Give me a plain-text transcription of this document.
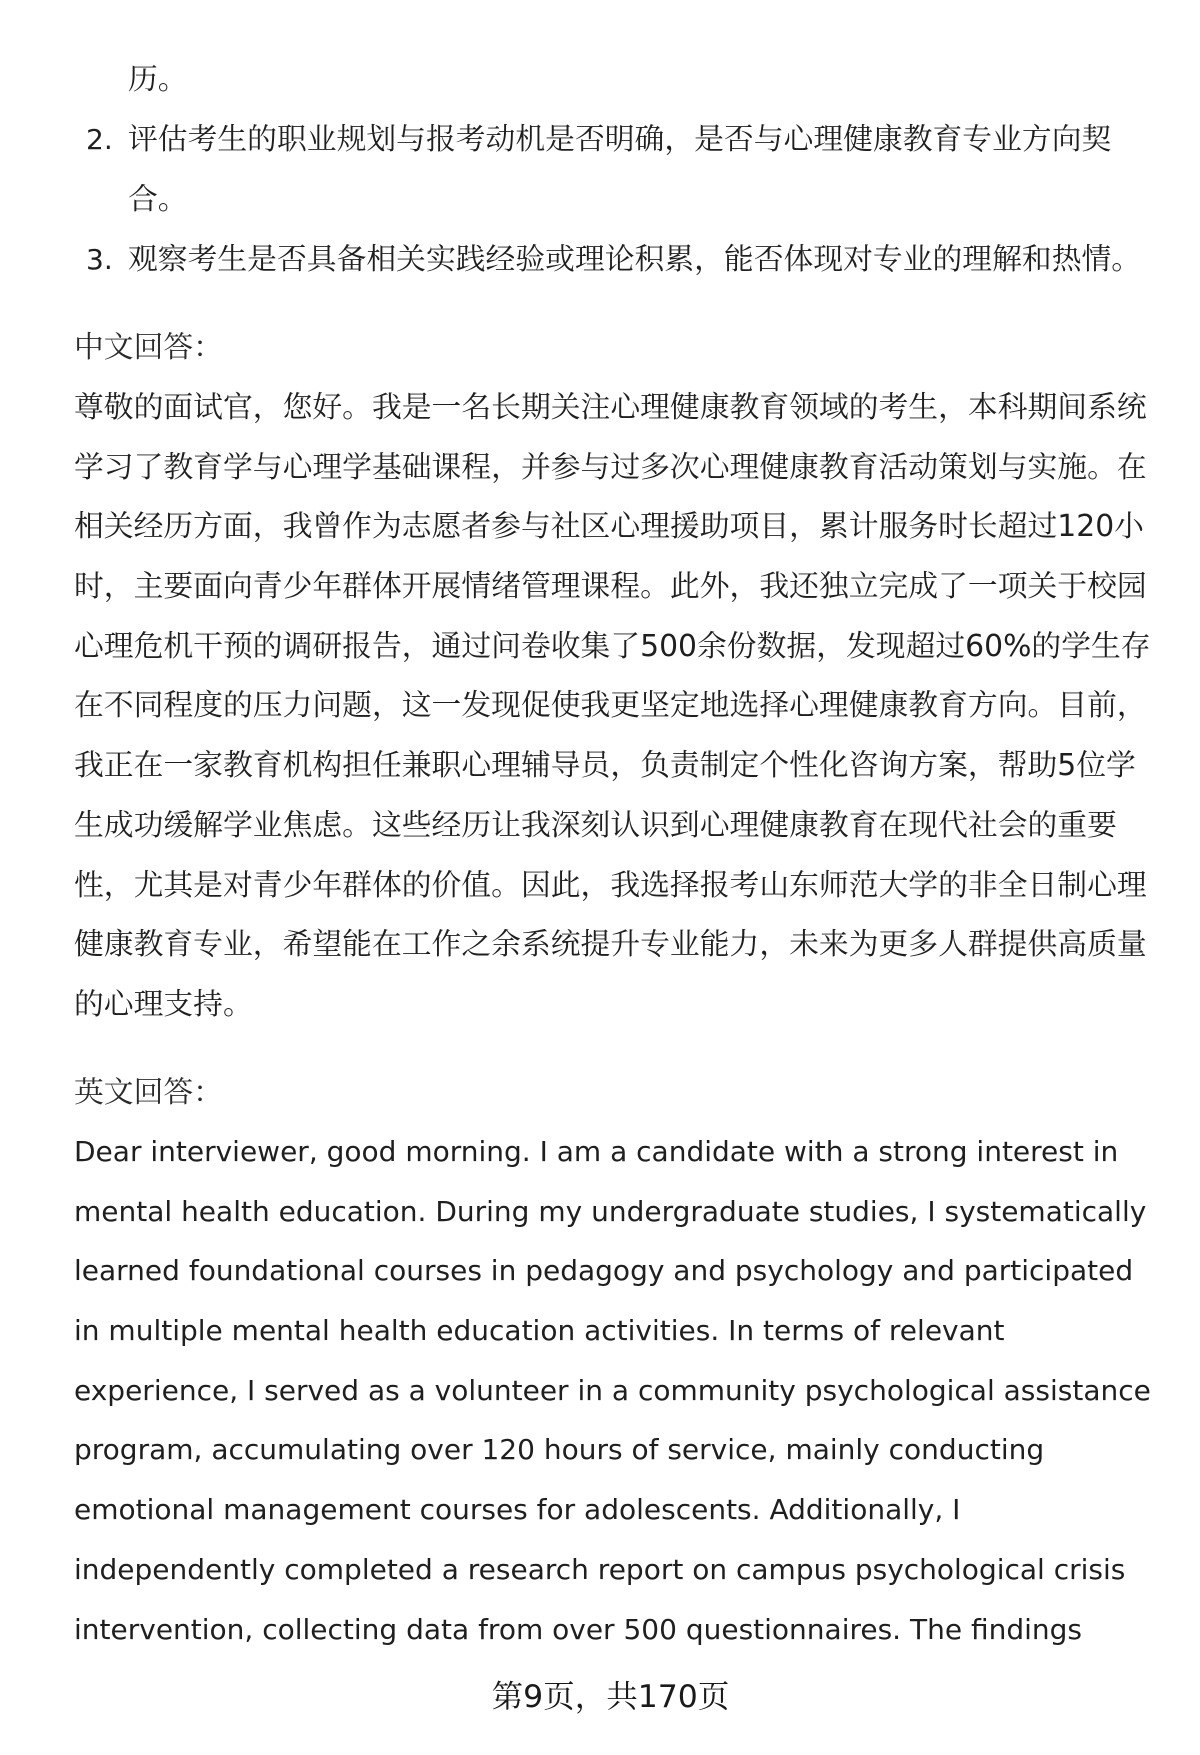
历。
2. 评估考生的职业规划与报考动机是否明确，是否与心理健康教育专业方向契
合。
3. 观察考生是否具备相关实践经验或理论积累，能否体现对专业的理解和热情。
中文回答：
尊敬的面试官，您好。我是一名长期关注心理健康教育领域的考生，本科期间系统
学习了教育学与心理学基础课程，并参与过多次心理健康教育活动策划与实施。在
相关经历方面，我曾作为志愿者参与社区心理援助项目，累计服务时长超过120小
时，主要面向青少年群体开展情绪管理课程。此外，我还独立完成了一项关于校园
心理危机干预的调研报告，通过问卷收集了500余份数据，发现超过60%的学生存
在不同程度的压力问题，这一发现促使我更坚定地选择心理健康教育方向。目前，
我正在一家教育机构担任兼职心理辅导员，负责制定个性化咨询方案，帮助5位学
生成功缓解学业焦虑。这些经历让我深刻认识到心理健康教育在现代社会的重要
性，尤其是对青少年群体的价值。因此，我选择报考山东师范大学的非全日制心理
健康教育专业，希望能在工作之余系统提升专业能力，未来为更多人群提供高质量
的心理支持。
英文回答：
Dear interviewer, good morning. I am a candidate with a strong interest in
mental health education. During my undergraduate studies, I systematically
learned foundational courses in pedagogy and psychology and participated
in multiple mental health education activities. In terms of relevant
experience, I served as a volunteer in a community psychological assistance
program, accumulating over 120 hours of service, mainly conducting
emotional management courses for adolescents. Additionally, I
independently completed a research report on campus psychological crisis
intervention, collecting data from over 500 questionnaires. The findings
第9页，共170页
